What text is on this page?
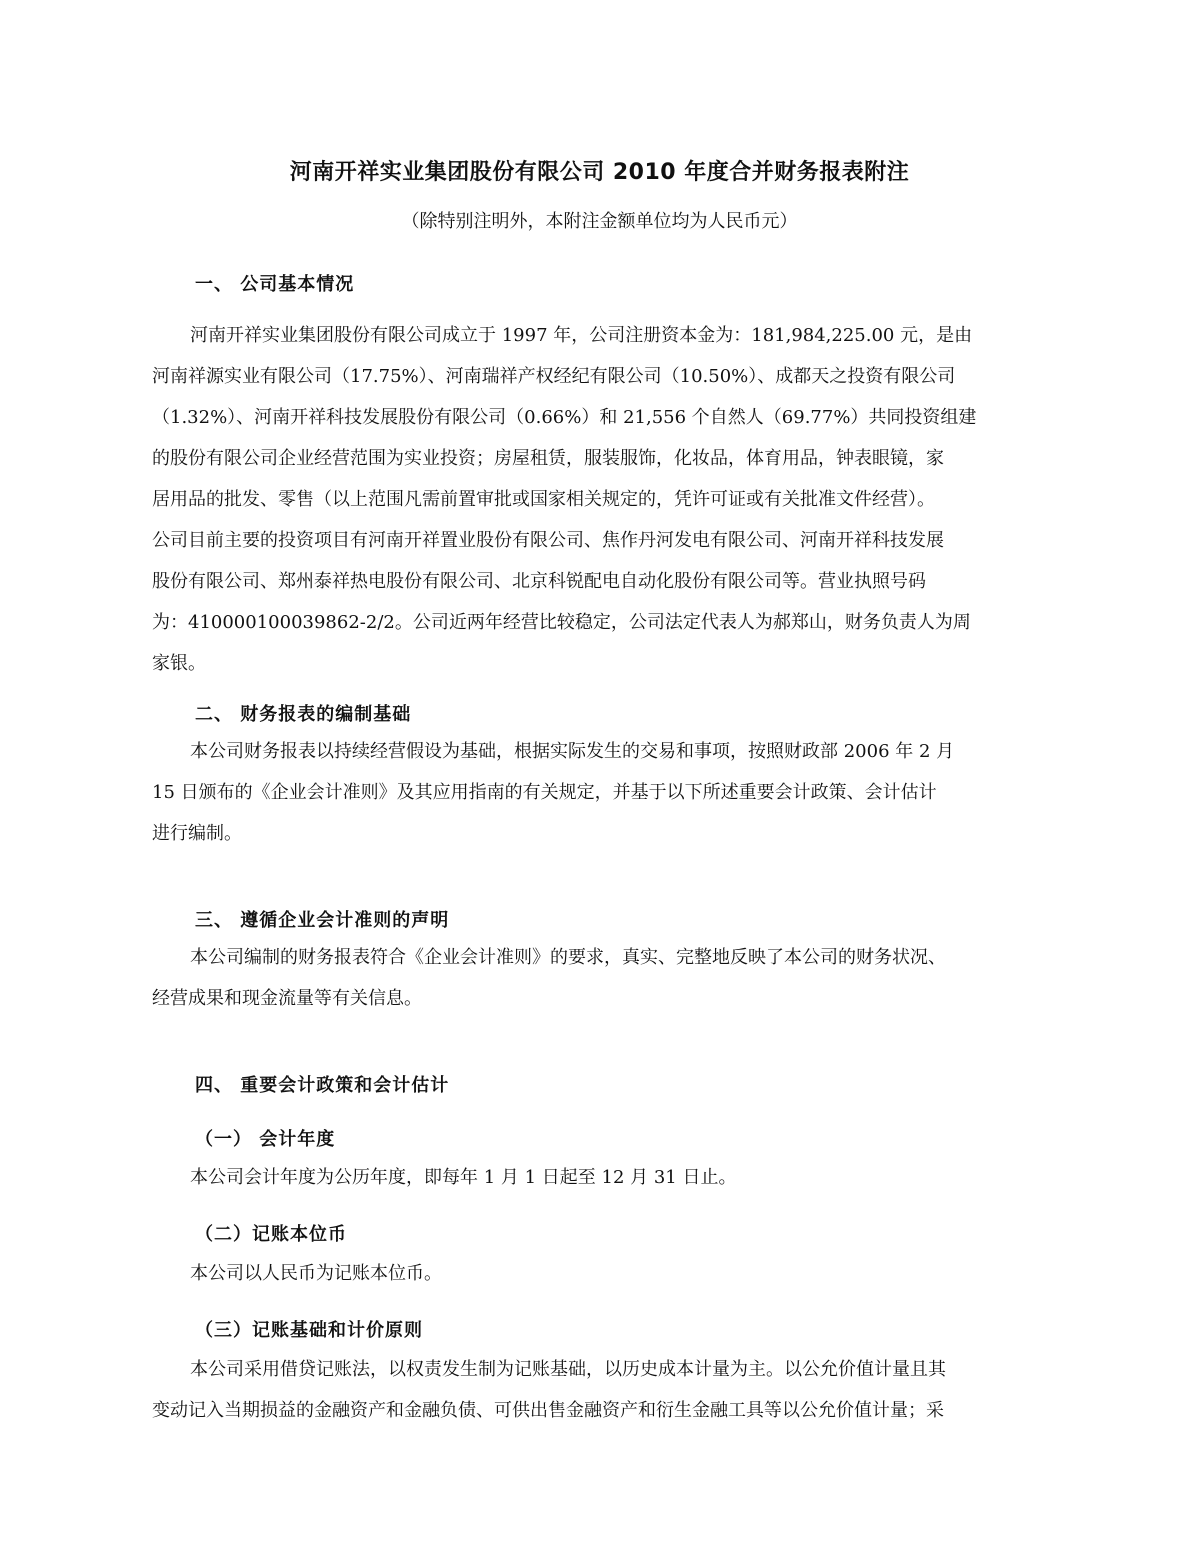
河南开祥实业集团股份有限公司 2010 年度合并财务报表附注
（除特别注明外，本附注金额单位均为人民币元）
一、 公司基本情况
河南开祥实业集团股份有限公司成立于 1997 年，公司注册资本金为：181,984,225.00 元，是由
河南祥源实业有限公司（17.75%）、河南瑞祥产权经纪有限公司（10.50%）、成都天之投资有限公司
（1.32%）、河南开祥科技发展股份有限公司（0.66%）和 21,556 个自然人（69.77%）共同投资组建
的股份有限公司企业经营范围为实业投资；房屋租赁，服装服饰，化妆品，体育用品，钟表眼镜，家
居用品的批发、零售（以上范围凡需前置审批或国家相关规定的，凭许可证或有关批准文件经营）。
公司目前主要的投资项目有河南开祥置业股份有限公司、焦作丹河发电有限公司、河南开祥科技发展
股份有限公司、郑州泰祥热电股份有限公司、北京科锐配电自动化股份有限公司等。营业执照号码
为：410000100039862-2/2。公司近两年经营比较稳定，公司法定代表人为郝郑山，财务负责人为周
家银。
二、 财务报表的编制基础
本公司财务报表以持续经营假设为基础，根据实际发生的交易和事项，按照财政部 2006 年 2 月
15 日颁布的《企业会计准则》及其应用指南的有关规定，并基于以下所述重要会计政策、会计估计
进行编制。
三、 遵循企业会计准则的声明
本公司编制的财务报表符合《企业会计准则》的要求，真实、完整地反映了本公司的财务状况、
经营成果和现金流量等有关信息。
四、 重要会计政策和会计估计
（一） 会计年度
本公司会计年度为公历年度，即每年 1 月 1 日起至 12 月 31 日止。
（二）记账本位币
本公司以人民币为记账本位币。
（三）记账基础和计价原则
本公司采用借贷记账法，以权责发生制为记账基础，以历史成本计量为主。以公允价值计量且其
变动记入当期损益的金融资产和金融负债、可供出售金融资产和衍生金融工具等以公允价值计量；采
